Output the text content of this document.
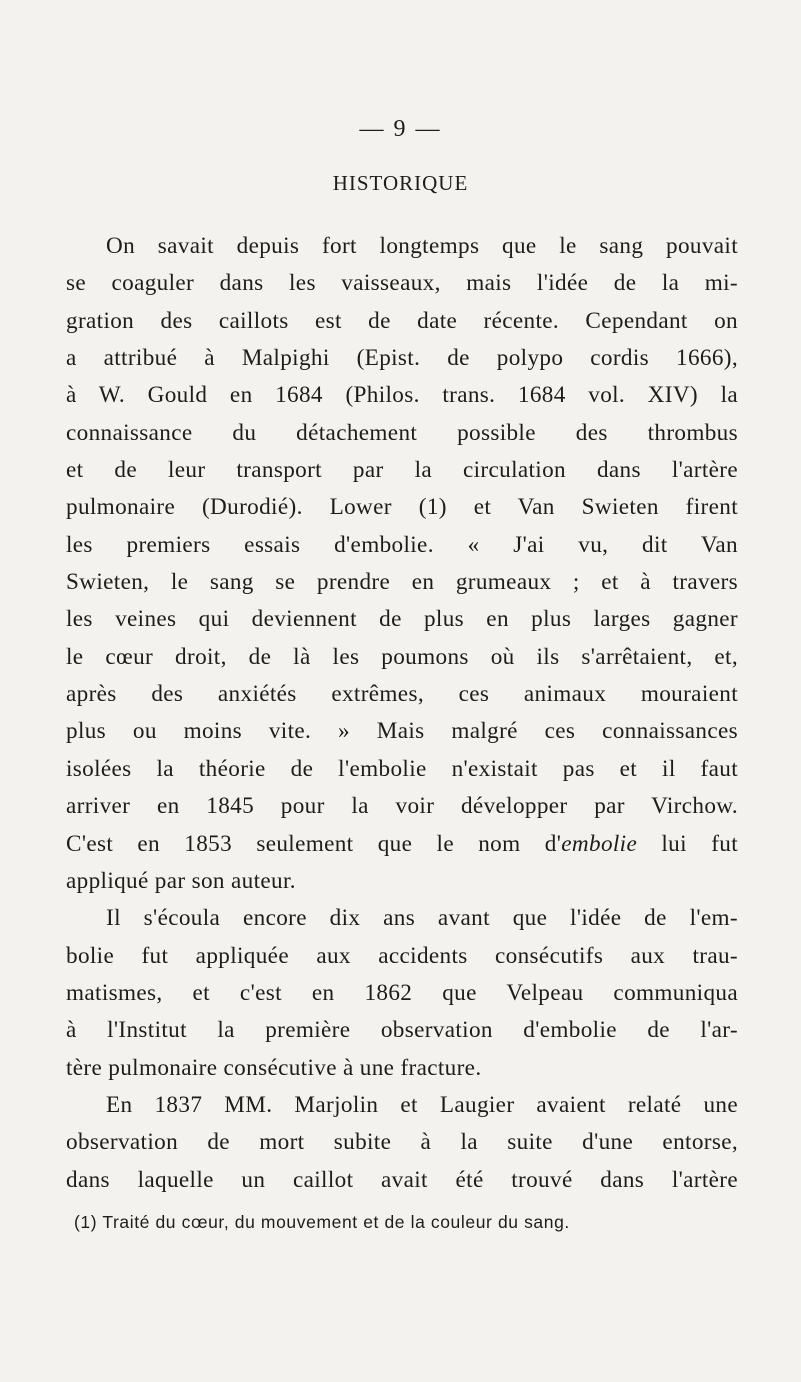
— 9 —
HISTORIQUE
On savait depuis fort longtemps que le sang pouvait
se coaguler dans les vaisseaux, mais l'idée de la mi-
gration des caillots est de date récente. Cependant on
a attribué à Malpighi (Epist. de polypo cordis 1666),
à W. Gould en 1684 (Philos. trans. 1684 vol. XIV) la
connaissance du détachement possible des thrombus
et de leur transport par la circulation dans l'artère
pulmonaire (Durodié). Lower (1) et Van Swieten firent
les premiers essais d'embolie. « J'ai vu, dit Van
Swieten, le sang se prendre en grumeaux ; et à travers
les veines qui deviennent de plus en plus larges gagner
le cœur droit, de là les poumons où ils s'arrêtaient, et,
après des anxiétés extrêmes, ces animaux mouraient
plus ou moins vite. » Mais malgré ces connaissances
isolées la théorie de l'embolie n'existait pas et il faut
arriver en 1845 pour la voir développer par Virchow.
C'est en 1853 seulement que le nom d'embolie lui fut
appliqué par son auteur.
Il s'écoula encore dix ans avant que l'idée de l'em-
bolie fut appliquée aux accidents consécutifs aux trau-
matismes, et c'est en 1862 que Velpeau communiqua
à l'Institut la première observation d'embolie de l'ar-
tère pulmonaire consécutive à une fracture.
En 1837 MM. Marjolin et Laugier avaient relaté une
observation de mort subite à la suite d'une entorse,
dans laquelle un caillot avait été trouvé dans l'artère
(1) Traité du cœur, du mouvement et de la couleur du sang.
